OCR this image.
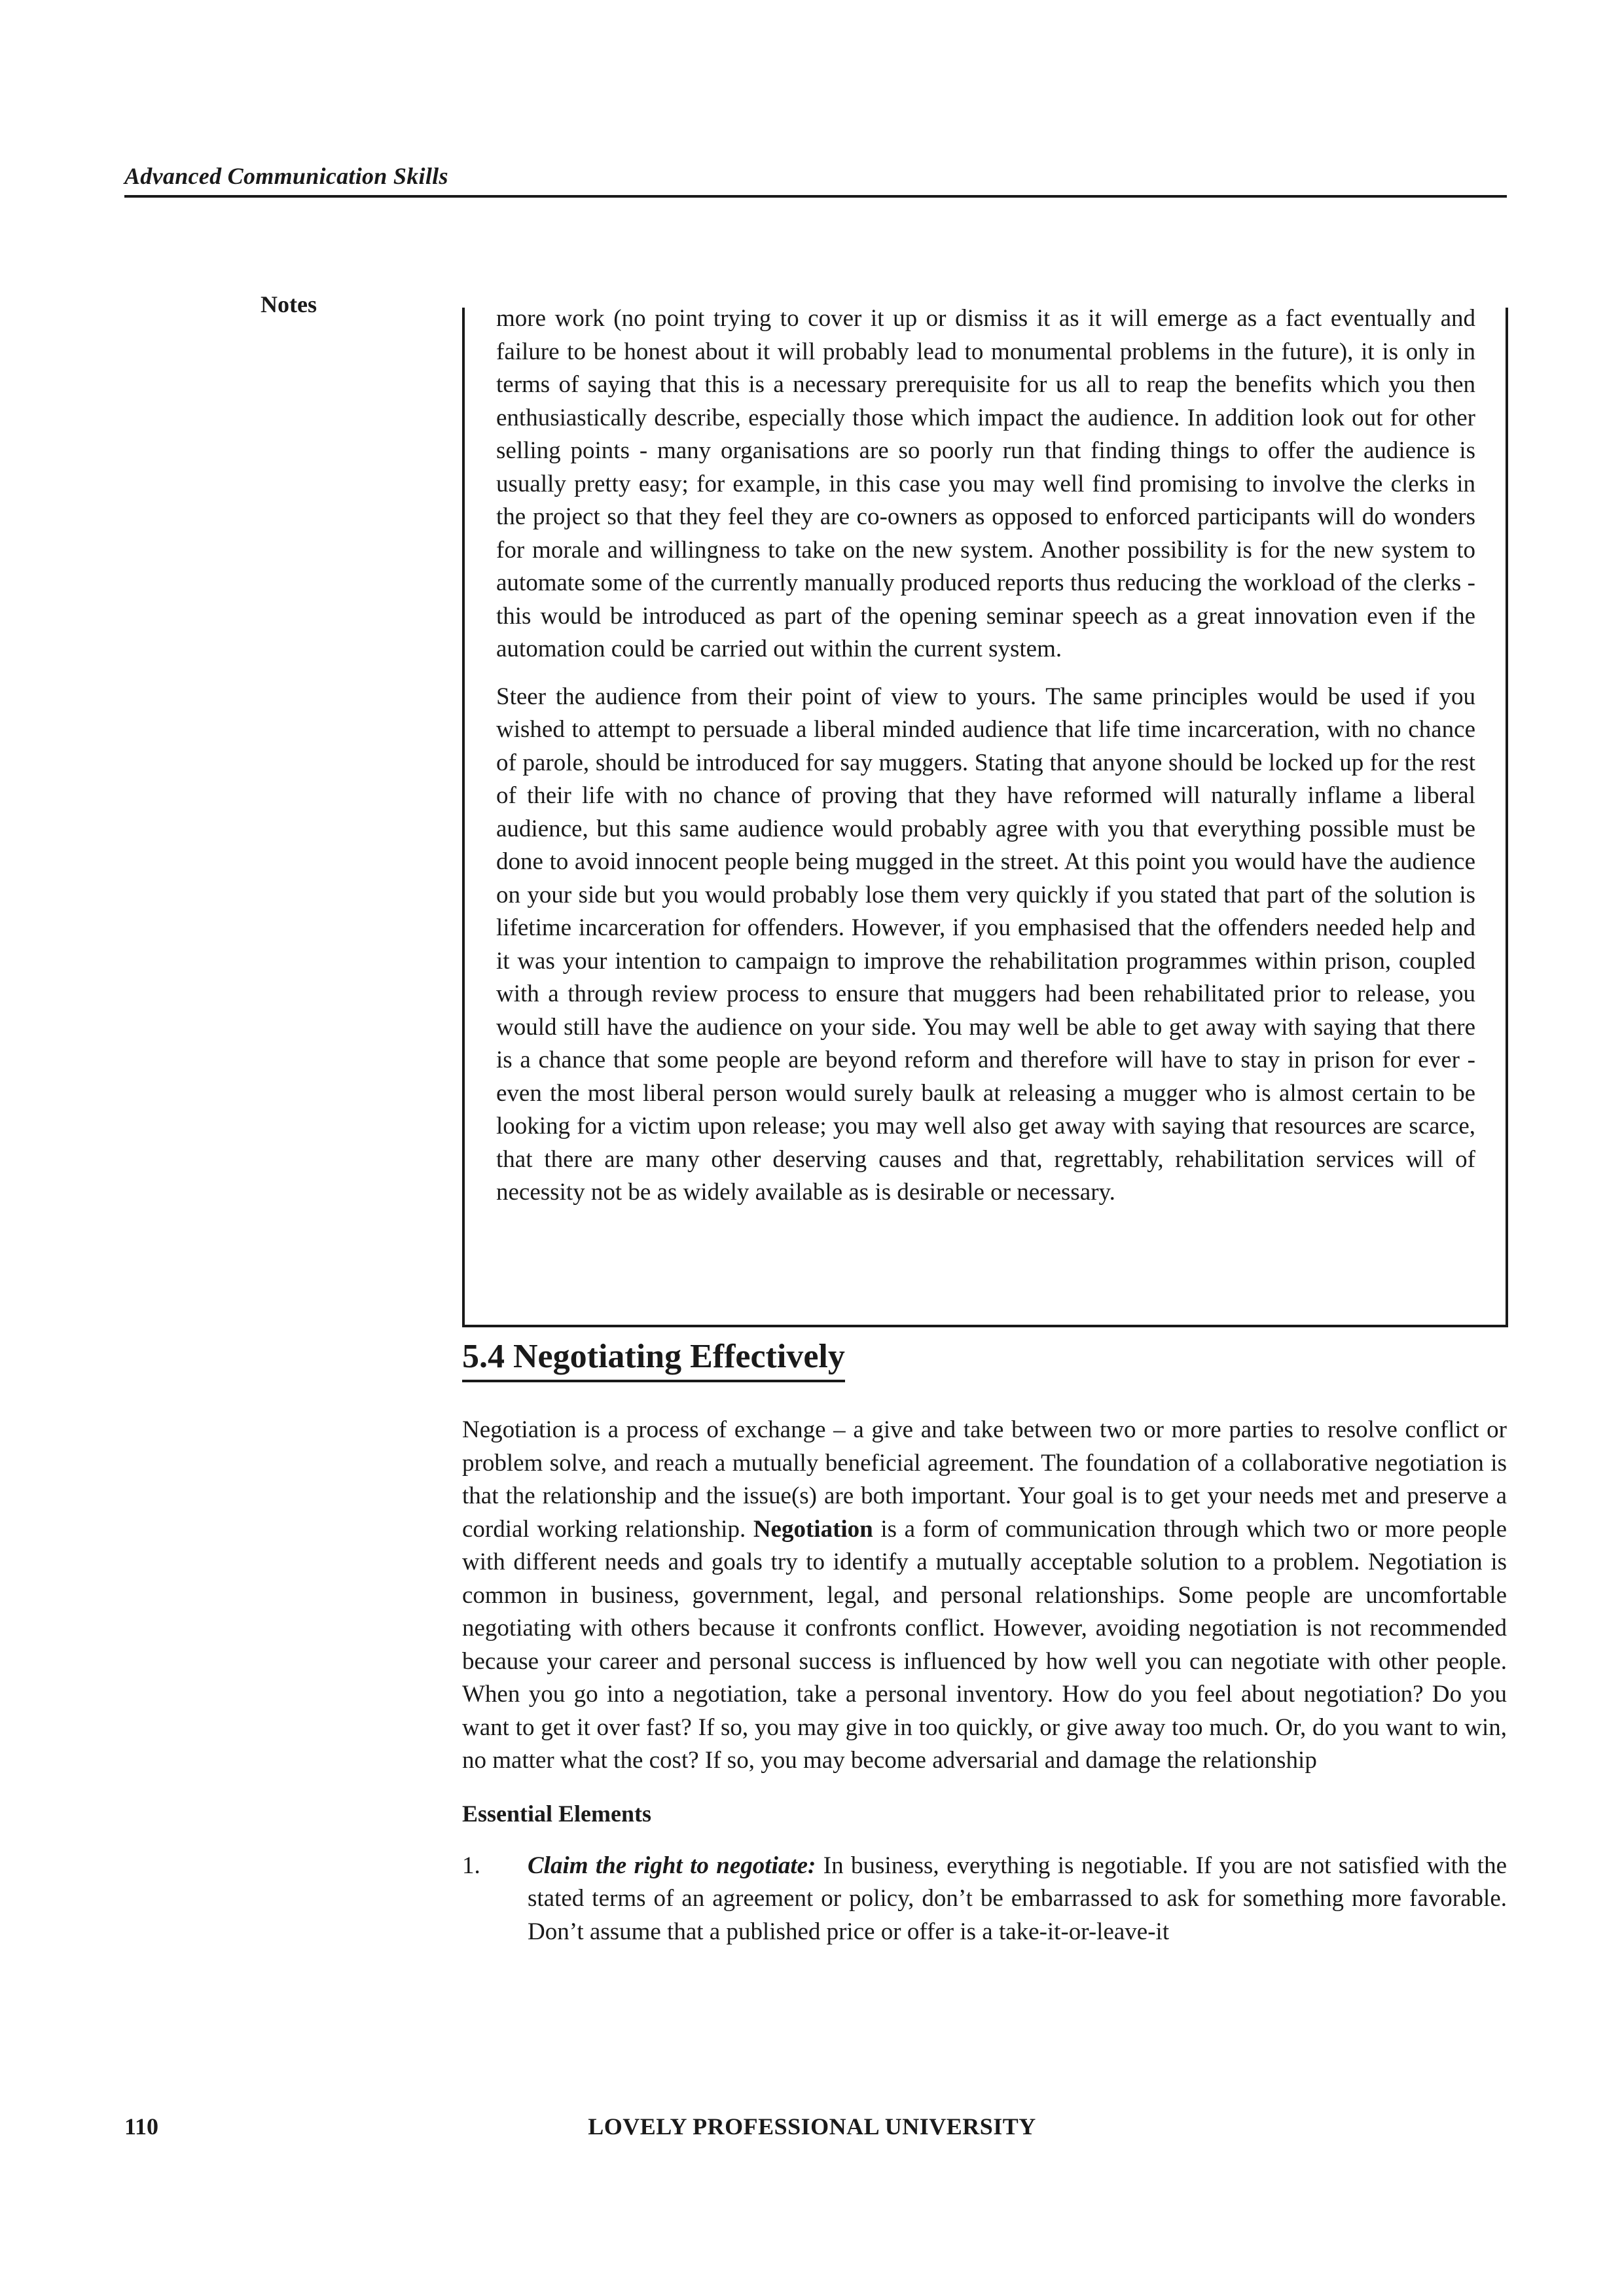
Advanced Communication Skills
Notes

more work (no point trying to cover it up or dismiss it as it will emerge as a fact eventually and failure to be honest about it will probably lead to monumental problems in the future), it is only in terms of saying that this is a necessary prerequisite for us all to reap the benefits which you then enthusiastically describe, especially those which impact the audience. In addition look out for other selling points - many organisations are so poorly run that finding things to offer the audience is usually pretty easy; for example, in this case you may well find promising to involve the clerks in the project so that they feel they are co-owners as opposed to enforced participants will do wonders for morale and willingness to take on the new system. Another possibility is for the new system to automate some of the currently manually produced reports thus reducing the workload of the clerks - this would be introduced as part of the opening seminar speech as a great innovation even if the automation could be carried out within the current system.

Steer the audience from their point of view to yours. The same principles would be used if you wished to attempt to persuade a liberal minded audience that life time incarceration, with no chance of parole, should be introduced for say muggers. Stating that anyone should be locked up for the rest of their life with no chance of proving that they have reformed will naturally inflame a liberal audience, but this same audience would probably agree with you that everything possible must be done to avoid innocent people being mugged in the street. At this point you would have the audience on your side but you would probably lose them very quickly if you stated that part of the solution is lifetime incarceration for offenders. However, if you emphasised that the offenders needed help and it was your intention to campaign to improve the rehabilitation programmes within prison, coupled with a through review process to ensure that muggers had been rehabilitated prior to release, you would still have the audience on your side. You may well be able to get away with saying that there is a chance that some people are beyond reform and therefore will have to stay in prison for ever - even the most liberal person would surely baulk at releasing a mugger who is almost certain to be looking for a victim upon release; you may well also get away with saying that resources are scarce, that there are many other deserving causes and that, regrettably, rehabilitation services will of necessity not be as widely available as is desirable or necessary.

5.4 Negotiating Effectively

Negotiation is a process of exchange – a give and take between two or more parties to resolve conflict or problem solve, and reach a mutually beneficial agreement. The foundation of a collaborative negotiation is that the relationship and the issue(s) are both important. Your goal is to get your needs met and preserve a cordial working relationship. Negotiation is a form of communication through which two or more people with different needs and goals try to identify a mutually acceptable solution to a problem. Negotiation is common in business, government, legal, and personal relationships. Some people are uncomfortable negotiating with others because it confronts conflict. However, avoiding negotiation is not recommended because your career and personal success is influenced by how well you can negotiate with other people. When you go into a negotiation, take a personal inventory. How do you feel about negotiation? Do you want to get it over fast? If so, you may give in too quickly, or give away too much. Or, do you want to win, no matter what the cost? If so, you may become adversarial and damage the relationship

Essential Elements
1. Claim the right to negotiate: In business, everything is negotiable. If you are not satisfied with the stated terms of an agreement or policy, don’t be embarrassed to ask for something more favorable. Don’t assume that a published price or offer is a take-it-or-leave-it

110	LOVELY PROFESSIONAL UNIVERSITY
